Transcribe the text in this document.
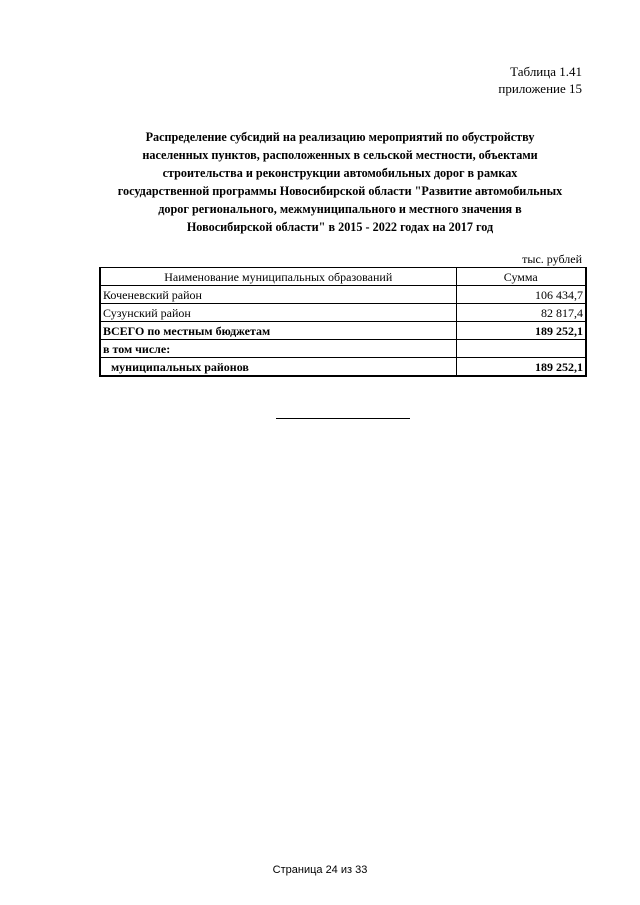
Таблица 1.41
приложение 15
Распределение субсидий на реализацию мероприятий по обустройству
населенных пунктов, расположенных в сельской местности, объектами
строительства и реконструкции автомобильных дорог в рамках
государственной программы Новосибирской области "Развитие автомобильных
дорог регионального, межмуниципального и местного значения в
Новосибирской области" в 2015 - 2022 годах на 2017 год
тыс. рублей
Наименование муниципальных образований	Сумма
Коченевский район	106 434,7
Сузунский район	82 817,4
ВСЕГО по местным бюджетам	189 252,1
в том числе:	
муниципальных районов	189 252,1
Страница 24 из 33
